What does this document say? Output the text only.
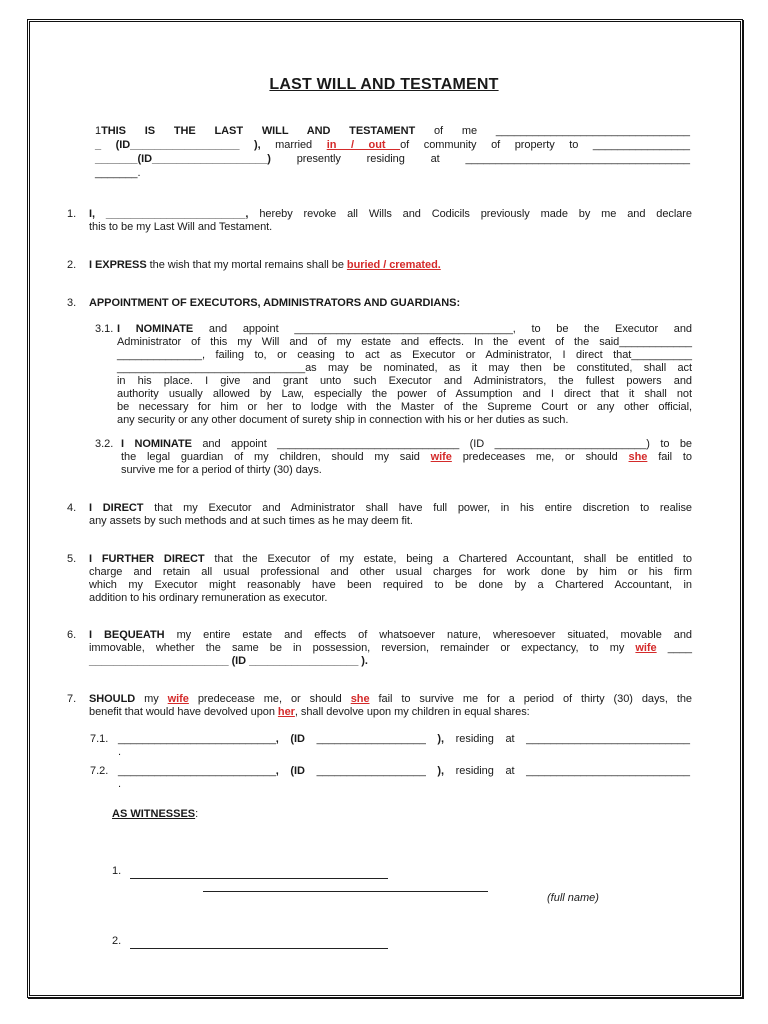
LAST WILL AND TESTAMENT
1THIS IS THE LAST WILL AND TESTAMENT of me ________________________________
_ (ID__________________ ), married in / out of community of property to ________________
_______(ID___________________) presently residing at _____________________________________
_______.
1. I, _______________________, hereby revoke all Wills and Codicils previously made by me and declare
this to be my Last Will and Testament.
2. I EXPRESS the wish that my mortal remains shall be buried / cremated.
3. APPOINTMENT OF EXECUTORS, ADMINISTRATORS AND GUARDIANS:
3.1. I NOMINATE and appoint ____________________________________, to be the Executor and
Administrator of this my Will and of my estate and effects. In the event of the said____________
______________, failing to, or ceasing to act as Executor or Administrator, I direct that__________
_______________________________as may be nominated, as it may then be constituted, shall act
in his place. I give and grant unto such Executor and Administrators, the fullest powers and
authority usually allowed by Law, especially the power of Assumption and I direct that it shall not
be necessary for him or her to lodge with the Master of the Supreme Court or any other official,
any security or any other document of surety ship in connection with his or her duties as such.
3.2. I NOMINATE and appoint ______________________________ (ID _________________________) to be
the legal guardian of my children, should my said wife predeceases me, or should she fail to
survive me for a period of thirty (30) days.
4. I DIRECT that my Executor and Administrator shall have full power, in his entire discretion to realise
any assets by such methods and at such times as he may deem fit.
5. I FURTHER DIRECT that the Executor of my estate, being a Chartered Accountant, shall be entitled to
charge and retain all usual professional and other usual charges for work done by him or his firm
which my Executor might reasonably have been required to be done by a Chartered Accountant, in
addition to his ordinary remuneration as executor.
6. I BEQUEATH my entire estate and effects of whatsoever nature, wheresoever situated, movable and
immovable, whether the same be in possession, reversion, remainder or expectancy, to my wife ____
_______________________ (ID __________________ ).
7. SHOULD my wife predecease me, or should she fail to survive me for a period of thirty (30) days, the
benefit that would have devolved upon her, shall devolve upon my children in equal shares:
7.1. __________________________, (ID __________________ ), residing at ___________________________
.
7.2. __________________________, (ID __________________ ), residing at ___________________________
.
AS WITNESSES:
1.
(full name)
2.
